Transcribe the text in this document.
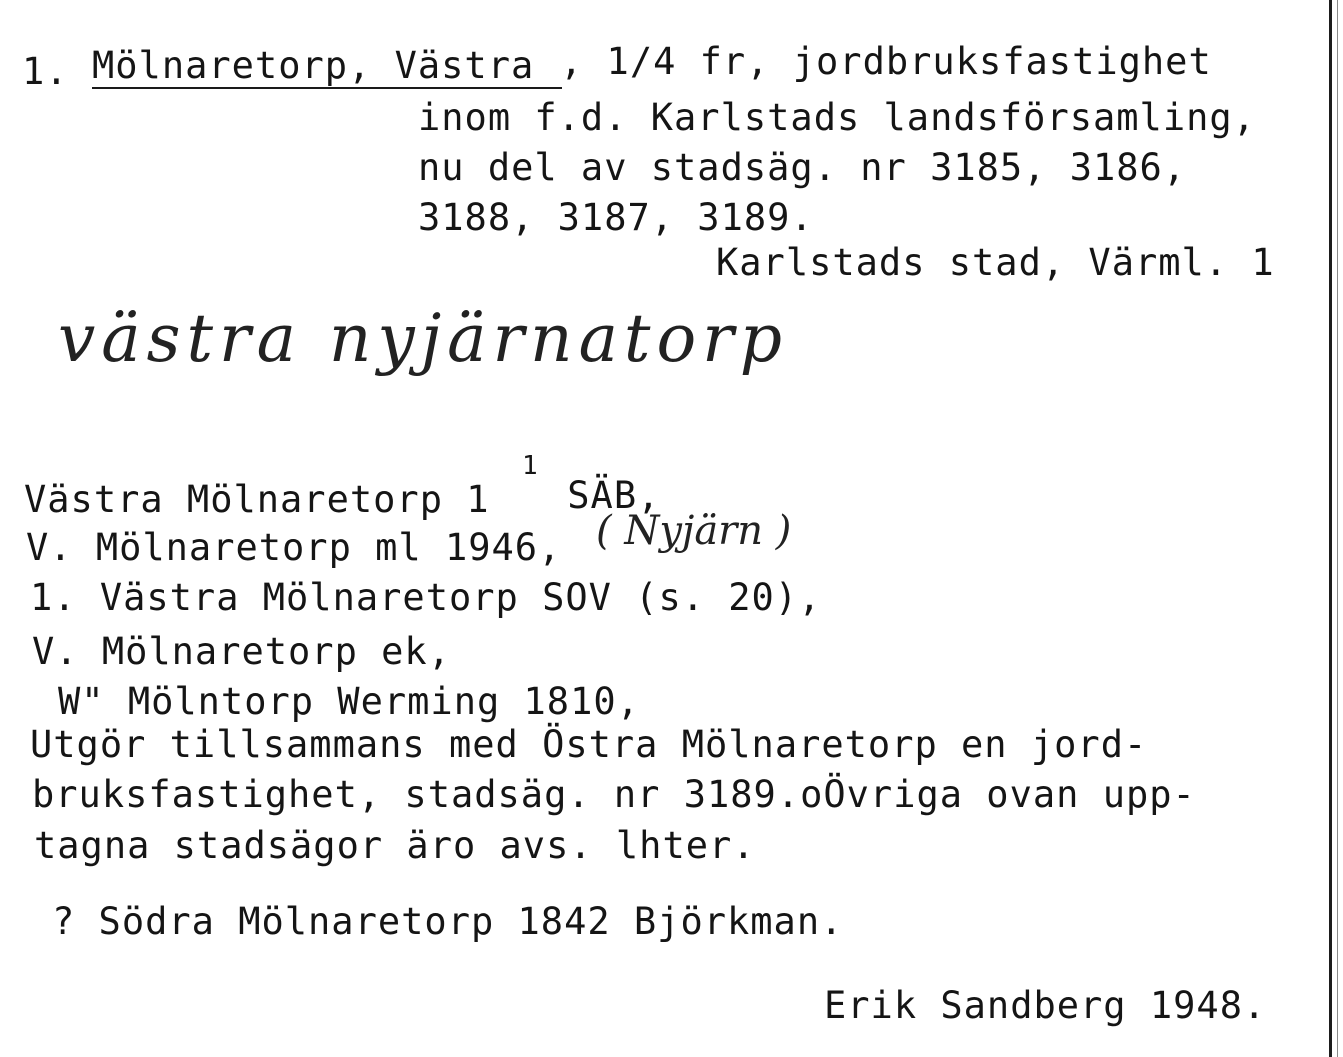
1. Mölnaretorp, Västra , 1/4 fr, jordbruksfastighet
inom f.d. Karlstads landsförsamling,
nu del av stadsäg. nr 3185, 3186,
3188, 3187, 3189.
Karlstads stad, Värml. 1
västra nyjärnatorp
Västra Mölnaretorp 1
1
SÄB,
V. Mölnaretorp ml 1946, ( Nyjärn )
1. Västra Mölnaretorp SOV (s. 20),
V. Mölnaretorp ek,
W" Mölntorp Werming 1810,
Utgör tillsammans med Östra Mölnaretorp en jord-
bruksfastighet, stadsäg. nr 3189.oÖvriga ovan upp-
tagna stadsägor äro avs. lhter.
? Södra Mölnaretorp 1842 Björkman.
Erik Sandberg 1948.
